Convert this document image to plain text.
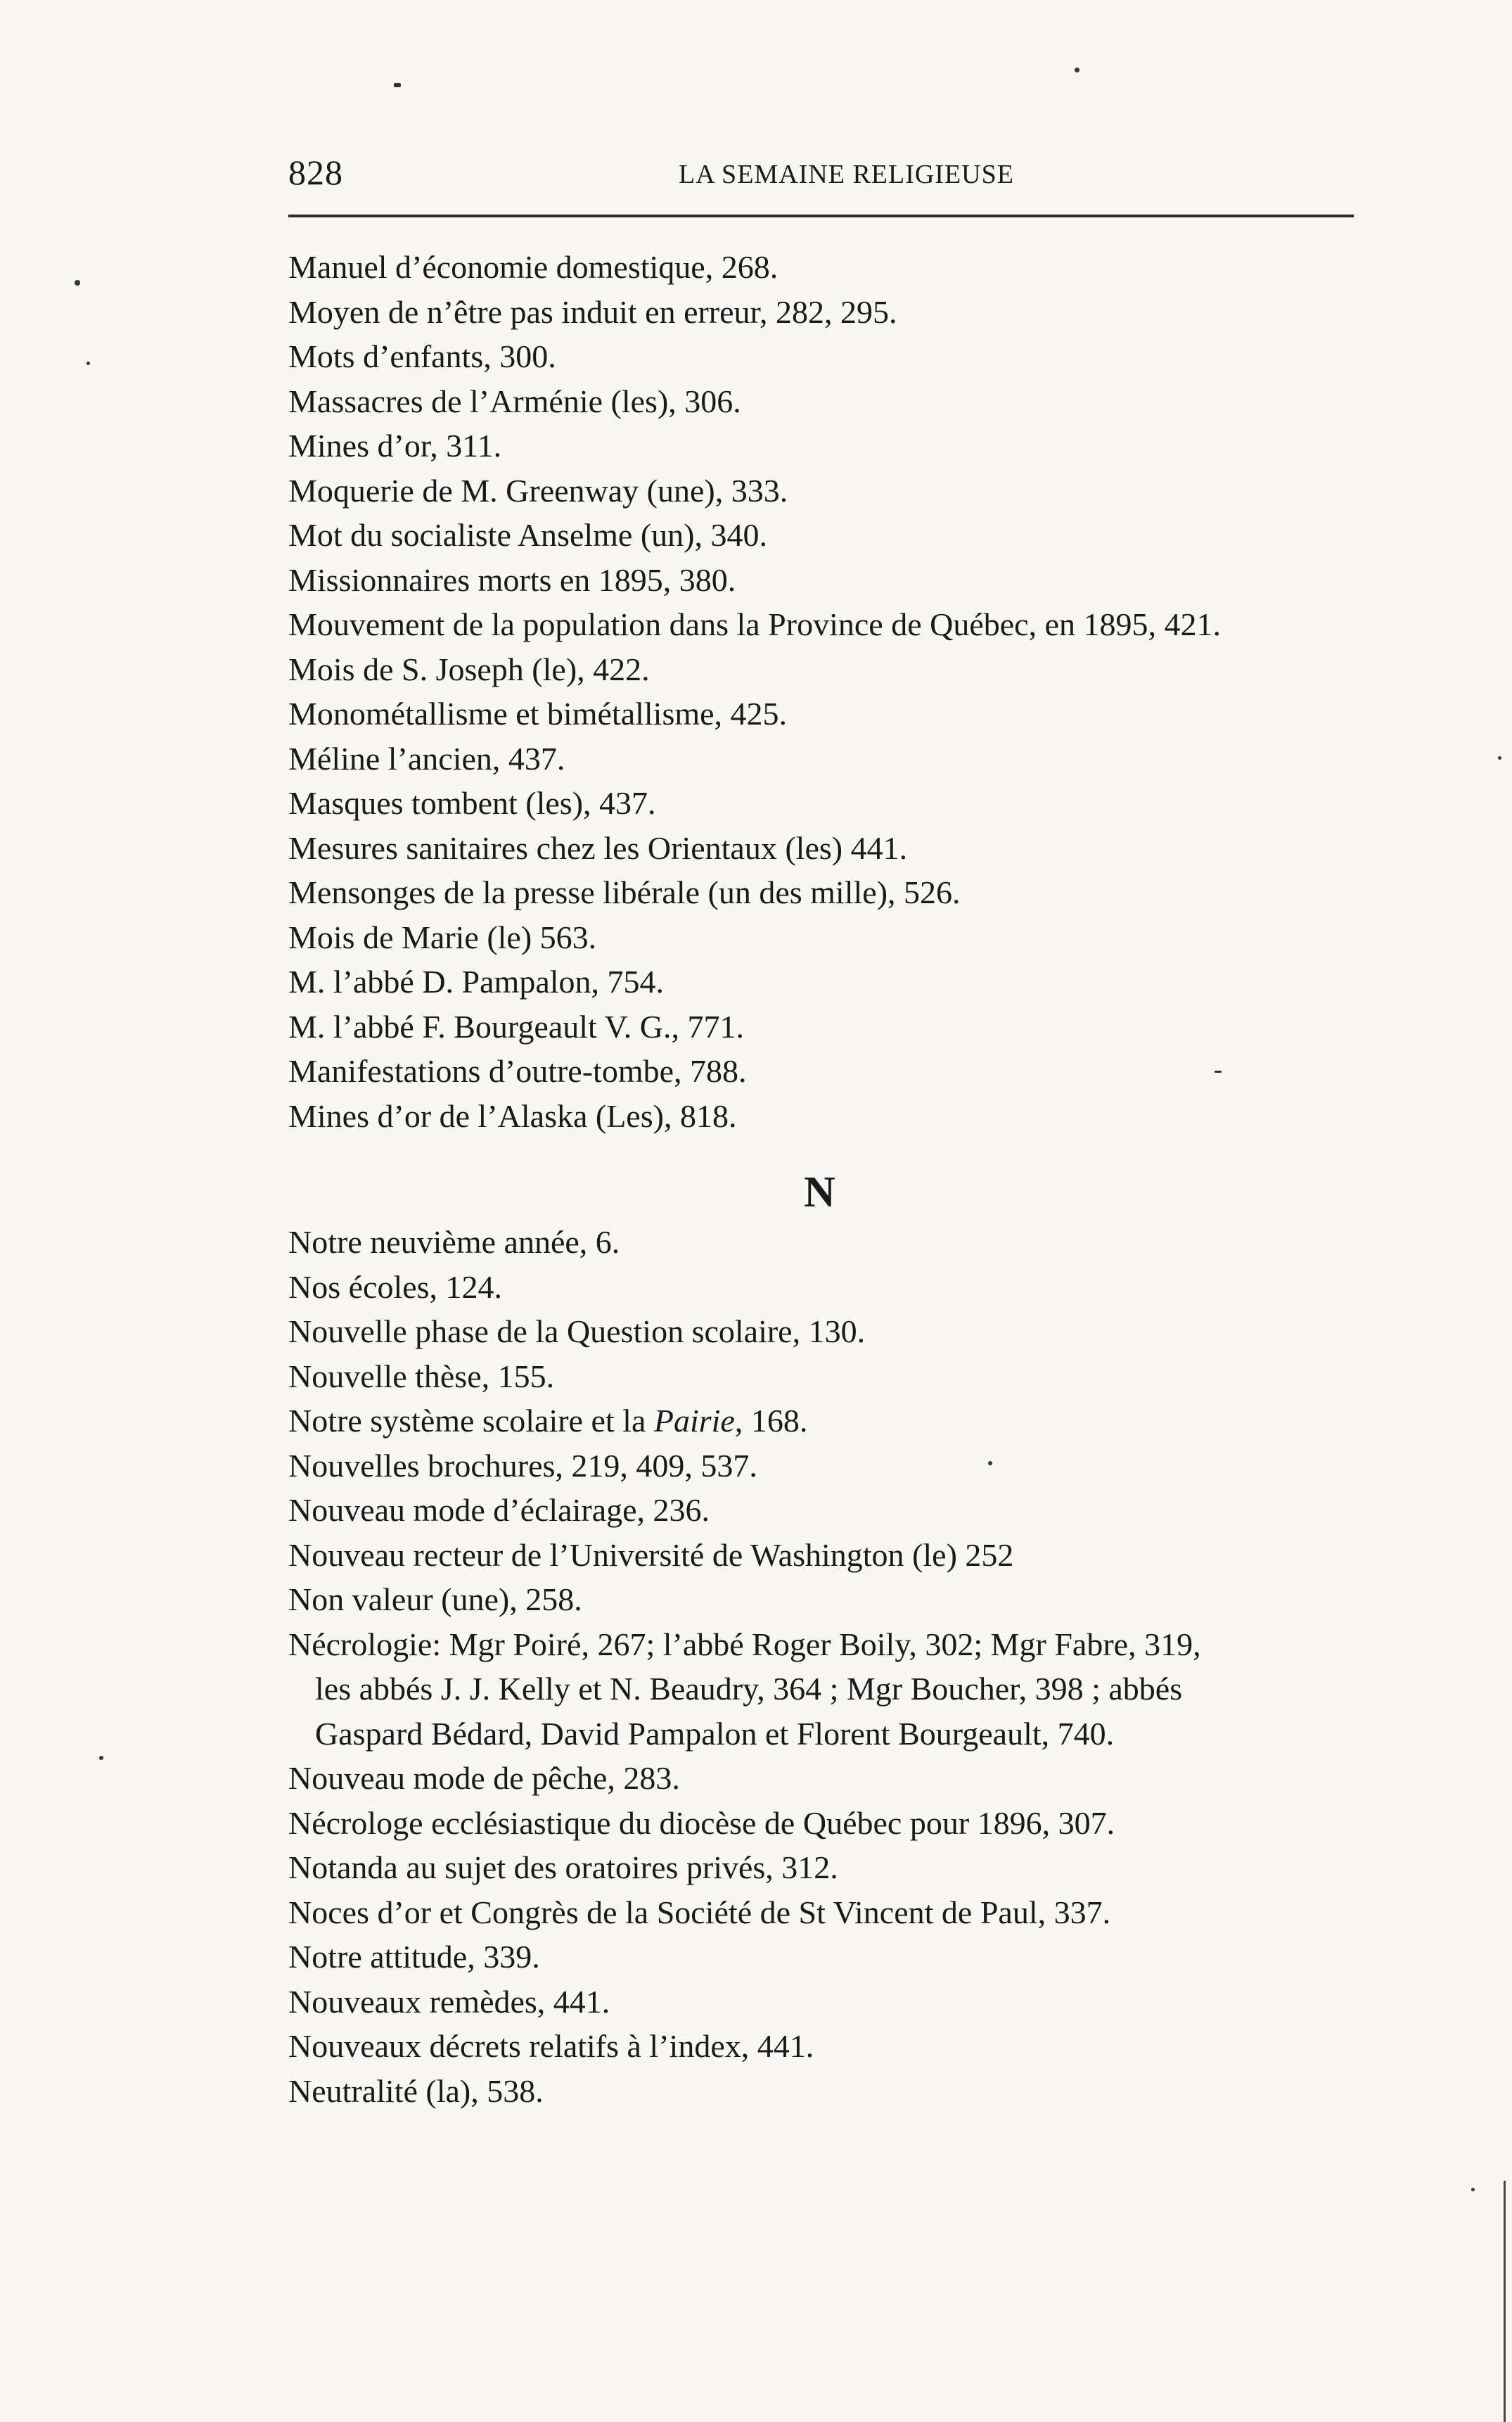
828	LA SEMAINE RELIGIEUSE
Manuel d’économie domestique, 268.
Moyen de n’être pas induit en erreur, 282, 295.
Mots d’enfants, 300.
Massacres de l’Arménie (les), 306.
Mines d’or, 311.
Moquerie de M. Greenway (une), 333.
Mot du socialiste Anselme (un), 340.
Missionnaires morts en 1895, 380.
Mouvement de la population dans la Province de Québec, en 1895, 421.
Mois de S. Joseph (le), 422.
Monométallisme et bimétallisme, 425.
Méline l’ancien, 437.
Masques tombent (les), 437.
Mesures sanitaires chez les Orientaux (les) 441.
Mensonges de la presse libérale (un des mille), 526.
Mois de Marie (le) 563.
M. l’abbé D. Pampalon, 754.
M. l’abbé F. Bourgeault V. G., 771.
Manifestations d’outre-tombe, 788.
Mines d’or de l’Alaska (Les), 818.
N
Notre neuvième année, 6.
Nos écoles, 124.
Nouvelle phase de la Question scolaire, 130.
Nouvelle thèse, 155.
Notre système scolaire et la Pairie, 168.
Nouvelles brochures, 219, 409, 537.
Nouveau mode d’éclairage, 236.
Nouveau recteur de l’Université de Washington (le) 252
Non valeur (une), 258.
Nécrologie: Mgr Poiré, 267; l’abbé Roger Boily, 302; Mgr Fabre, 319,
les abbés J. J. Kelly et N. Beaudry, 364 ; Mgr Boucher, 398 ; abbés
Gaspard Bédard, David Pampalon et Florent Bourgeault, 740.
Nouveau mode de pêche, 283.
Nécrologe ecclésiastique du diocèse de Québec pour 1896, 307.
Notanda au sujet des oratoires privés, 312.
Noces d’or et Congrès de la Société de St Vincent de Paul, 337.
Notre attitude, 339.
Nouveaux remèdes, 441.
Nouveaux décrets relatifs à l’index, 441.
Neutralité (la), 538.
